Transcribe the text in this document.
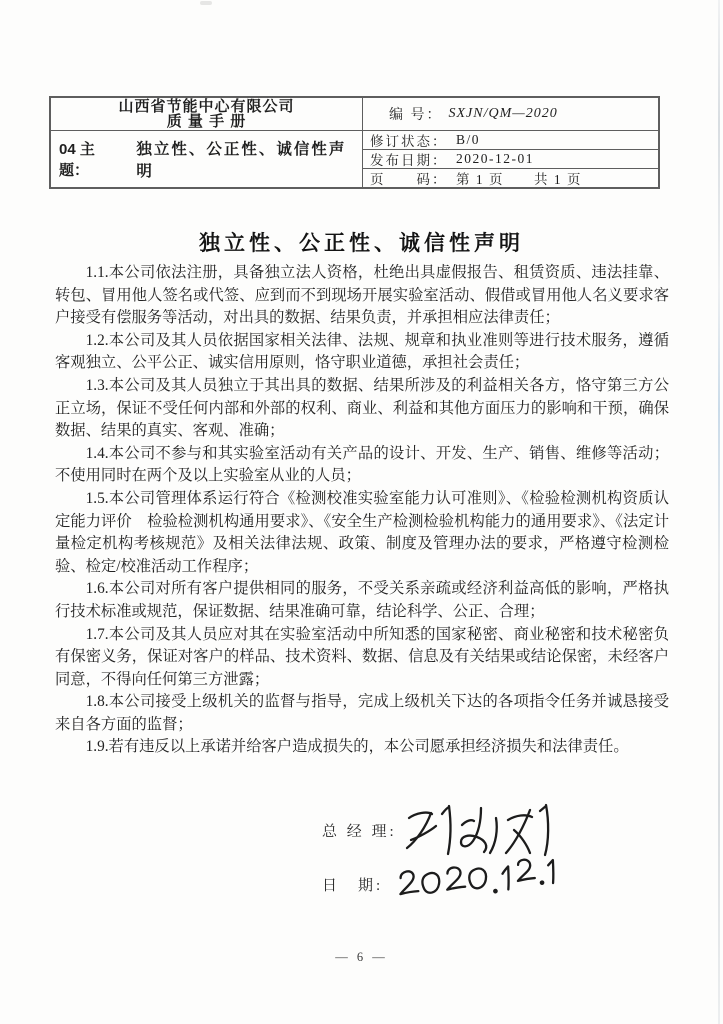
山西省节能中心有限公司
质 量 手 册	编 号： SXJN/QM—2020
04 主题：
独立性、公正性、诚信性声明
修订状态： B/0
发布日期： 2020-12-01
页　　码： 第 1 页　　共 1 页
独立性、公正性、诚信性声明

1.1.本公司依法注册，具备独立法人资格，杜绝出具虚假报告、租赁资质、违法挂靠、转包、冒用他人签名或代签、应到而不到现场开展实验室活动、假借或冒用他人名义要求客户接受有偿服务等活动，对出具的数据、结果负责，并承担相应法律责任；

1.2.本公司及其人员依据国家相关法律、法规、规章和执业准则等进行技术服务，遵循客观独立、公平公正、诚实信用原则，恪守职业道德，承担社会责任；

1.3.本公司及其人员独立于其出具的数据、结果所涉及的利益相关各方，恪守第三方公正立场，保证不受任何内部和外部的权利、商业、利益和其他方面压力的影响和干预，确保数据、结果的真实、客观、准确；

1.4.本公司不参与和其实验室活动有关产品的设计、开发、生产、销售、维修等活动；不使用同时在两个及以上实验室从业的人员；

1.5.本公司管理体系运行符合《检测校准实验室能力认可准则》、《检验检测机构资质认定能力评价　检验检测机构通用要求》、《安全生产检测检验机构能力的通用要求》、《法定计量检定机构考核规范》及相关法律法规、政策、制度及管理办法的要求，严格遵守检测检验、检定/校准活动工作程序；

1.6.本公司对所有客户提供相同的服务，不受关系亲疏或经济利益高低的影响，严格执行技术标准或规范，保证数据、结果准确可靠，结论科学、公正、合理；

1.7.本公司及其人员应对其在实验室活动中所知悉的国家秘密、商业秘密和技术秘密负有保密义务，保证对客户的样品、技术资料、数据、信息及有关结果或结论保密，未经客户同意，不得向任何第三方泄露；

1.8.本公司接受上级机关的监督与指导，完成上级机关下达的各项指令任务并诚恳接受来自各方面的监督；

1.9.若有违反以上承诺并给客户造成损失的，本公司愿承担经济损失和法律责任。

总 经 理:
日　期:
— 6 —
